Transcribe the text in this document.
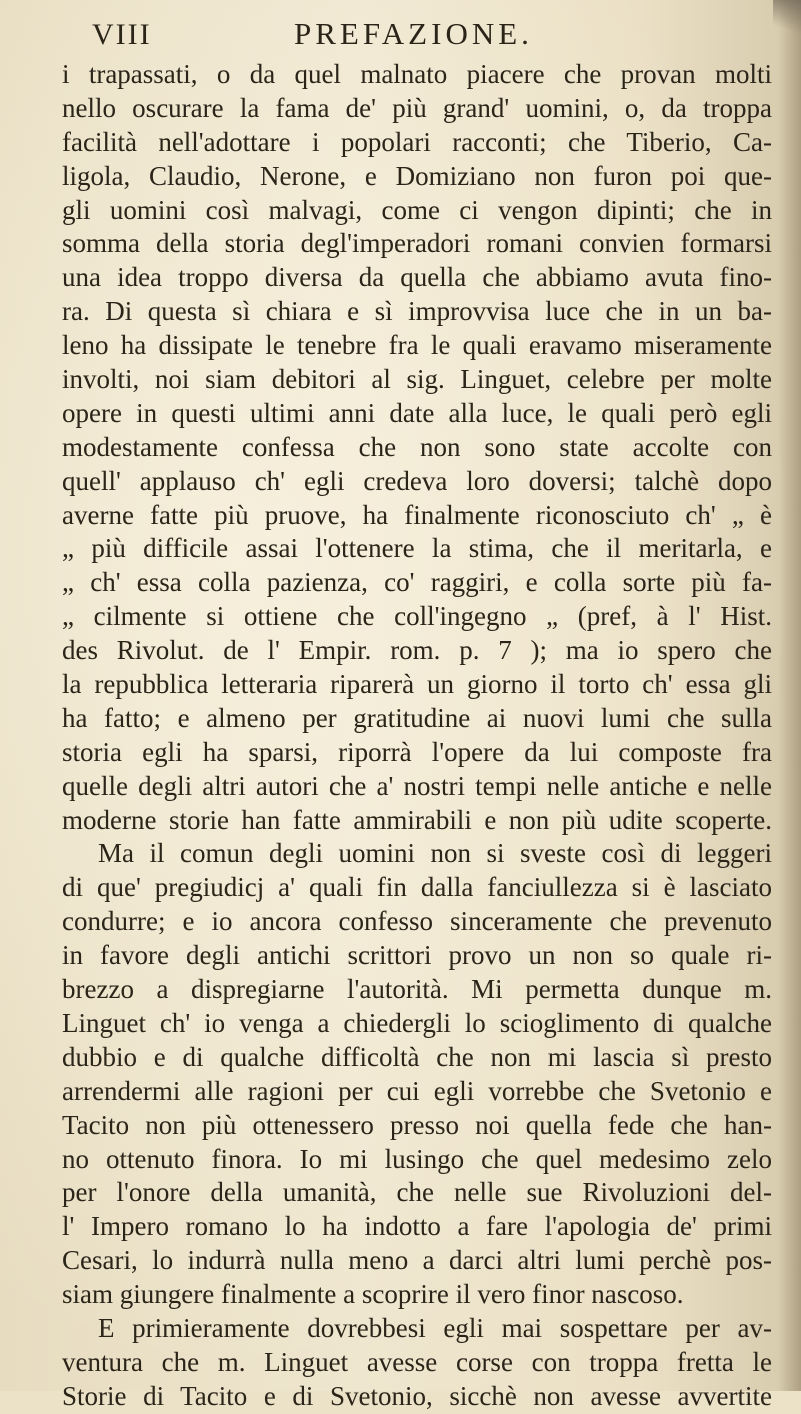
VIII	PREFAZIONE.
i trapassati, o da quel malnato piacere che provan molti
nello oscurare la fama de' più grand' uomini, o, da troppa
facilità nell'adottare i popolari racconti; che Tiberio, Ca-
ligola, Claudio, Nerone, e Domiziano non furon poi que-
gli uomini così malvagi, come ci vengon dipinti; che in
somma della storia degl'imperadori romani convien formarsi
una idea troppo diversa da quella che abbiamo avuta fino-
ra. Di questa sì chiara e sì improvvisa luce che in un ba-
leno ha dissipate le tenebre fra le quali eravamo miseramente
involti, noi siam debitori al sig. Linguet, celebre per molte
opere in questi ultimi anni date alla luce, le quali però egli
modestamente confessa che non sono state accolte con
quell' applauso ch' egli credeva loro doversi; talchè dopo
averne fatte più pruove, ha finalmente riconosciuto ch' „ è
„ più difficile assai l'ottenere la stima, che il meritarla, e
„ ch' essa colla pazienza, co' raggiri, e colla sorte più fa-
„ cilmente si ottiene che coll'ingegno „ (pref, à l' Hist.
des Rivolut. de l' Empir. rom. p. 7 ); ma io spero che
la repubblica letteraria riparerà un giorno il torto ch' essa gli
ha fatto; e almeno per gratitudine ai nuovi lumi che sulla
storia egli ha sparsi, riporrà l'opere da lui composte fra
quelle degli altri autori che a' nostri tempi nelle antiche e nelle
moderne storie han fatte ammirabili e non più udite scoperte.
Ma il comun degli uomini non si sveste così di leggeri
di que' pregiudicj a' quali fin dalla fanciullezza si è lasciato
condurre; e io ancora confesso sinceramente che prevenuto
in favore degli antichi scrittori provo un non so quale ri-
brezzo a dispregiarne l'autorità. Mi permetta dunque m.
Linguet ch' io venga a chiedergli lo scioglimento di qualche
dubbio e di qualche difficoltà che non mi lascia sì presto
arrendermi alle ragioni per cui egli vorrebbe che Svetonio e
Tacito non più ottenessero presso noi quella fede che han-
no ottenuto finora. Io mi lusingo che quel medesimo zelo
per l'onore della umanità, che nelle sue Rivoluzioni del-
l' Impero romano lo ha indotto a fare l'apologia de' primi
Cesari, lo indurrà nulla meno a darci altri lumi perchè pos-
siam giungere finalmente a scoprire il vero finor nascoso.
E primieramente dovrebbesi egli mai sospettare per av-
ventura che m. Linguet avesse corse con troppa fretta le
Storie di Tacito e di Svetonio, sicchè non avesse avvertite
